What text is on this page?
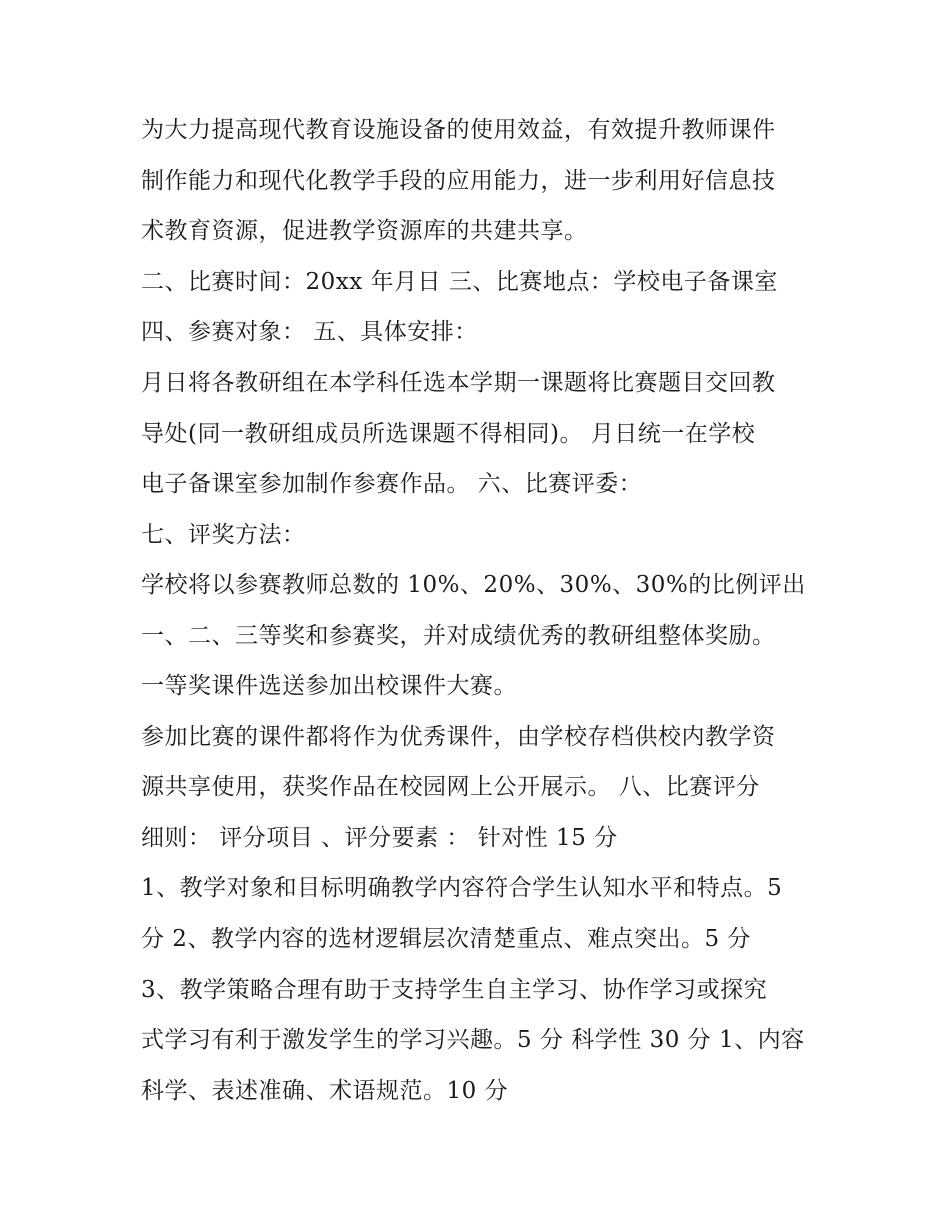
为大力提高现代教育设施设备的使用效益，有效提升教师课件
制作能力和现代化教学手段的应用能力，进一步利用好信息技
术教育资源，促进教学资源库的共建共享。
二、比赛时间：20xx 年月日 三、比赛地点：学校电子备课室
四、参赛对象： 五、具体安排：
月日将各教研组在本学科任选本学期一课题将比赛题目交回教
导处(同一教研组成员所选课题不得相同)。 月日统一在学校
电子备课室参加制作参赛作品。 六、比赛评委：
七、评奖方法：
学校将以参赛教师总数的 10%、20%、30%、30%的比例评出
一、二、三等奖和参赛奖，并对成绩优秀的教研组整体奖励。
一等奖课件选送参加出校课件大赛。
参加比赛的课件都将作为优秀课件，由学校存档供校内教学资
源共享使用，获奖作品在校园网上公开展示。 八、比赛评分
细则： 评分项目 、评分要素 ： 针对性 15 分
1、教学对象和目标明确教学内容符合学生认知水平和特点。5
分 2、教学内容的选材逻辑层次清楚重点、难点突出。5 分
3、教学策略合理有助于支持学生自主学习、协作学习或探究
式学习有利于激发学生的学习兴趣。5 分 科学性 30 分 1、内容
科学、表述准确、术语规范。10 分
